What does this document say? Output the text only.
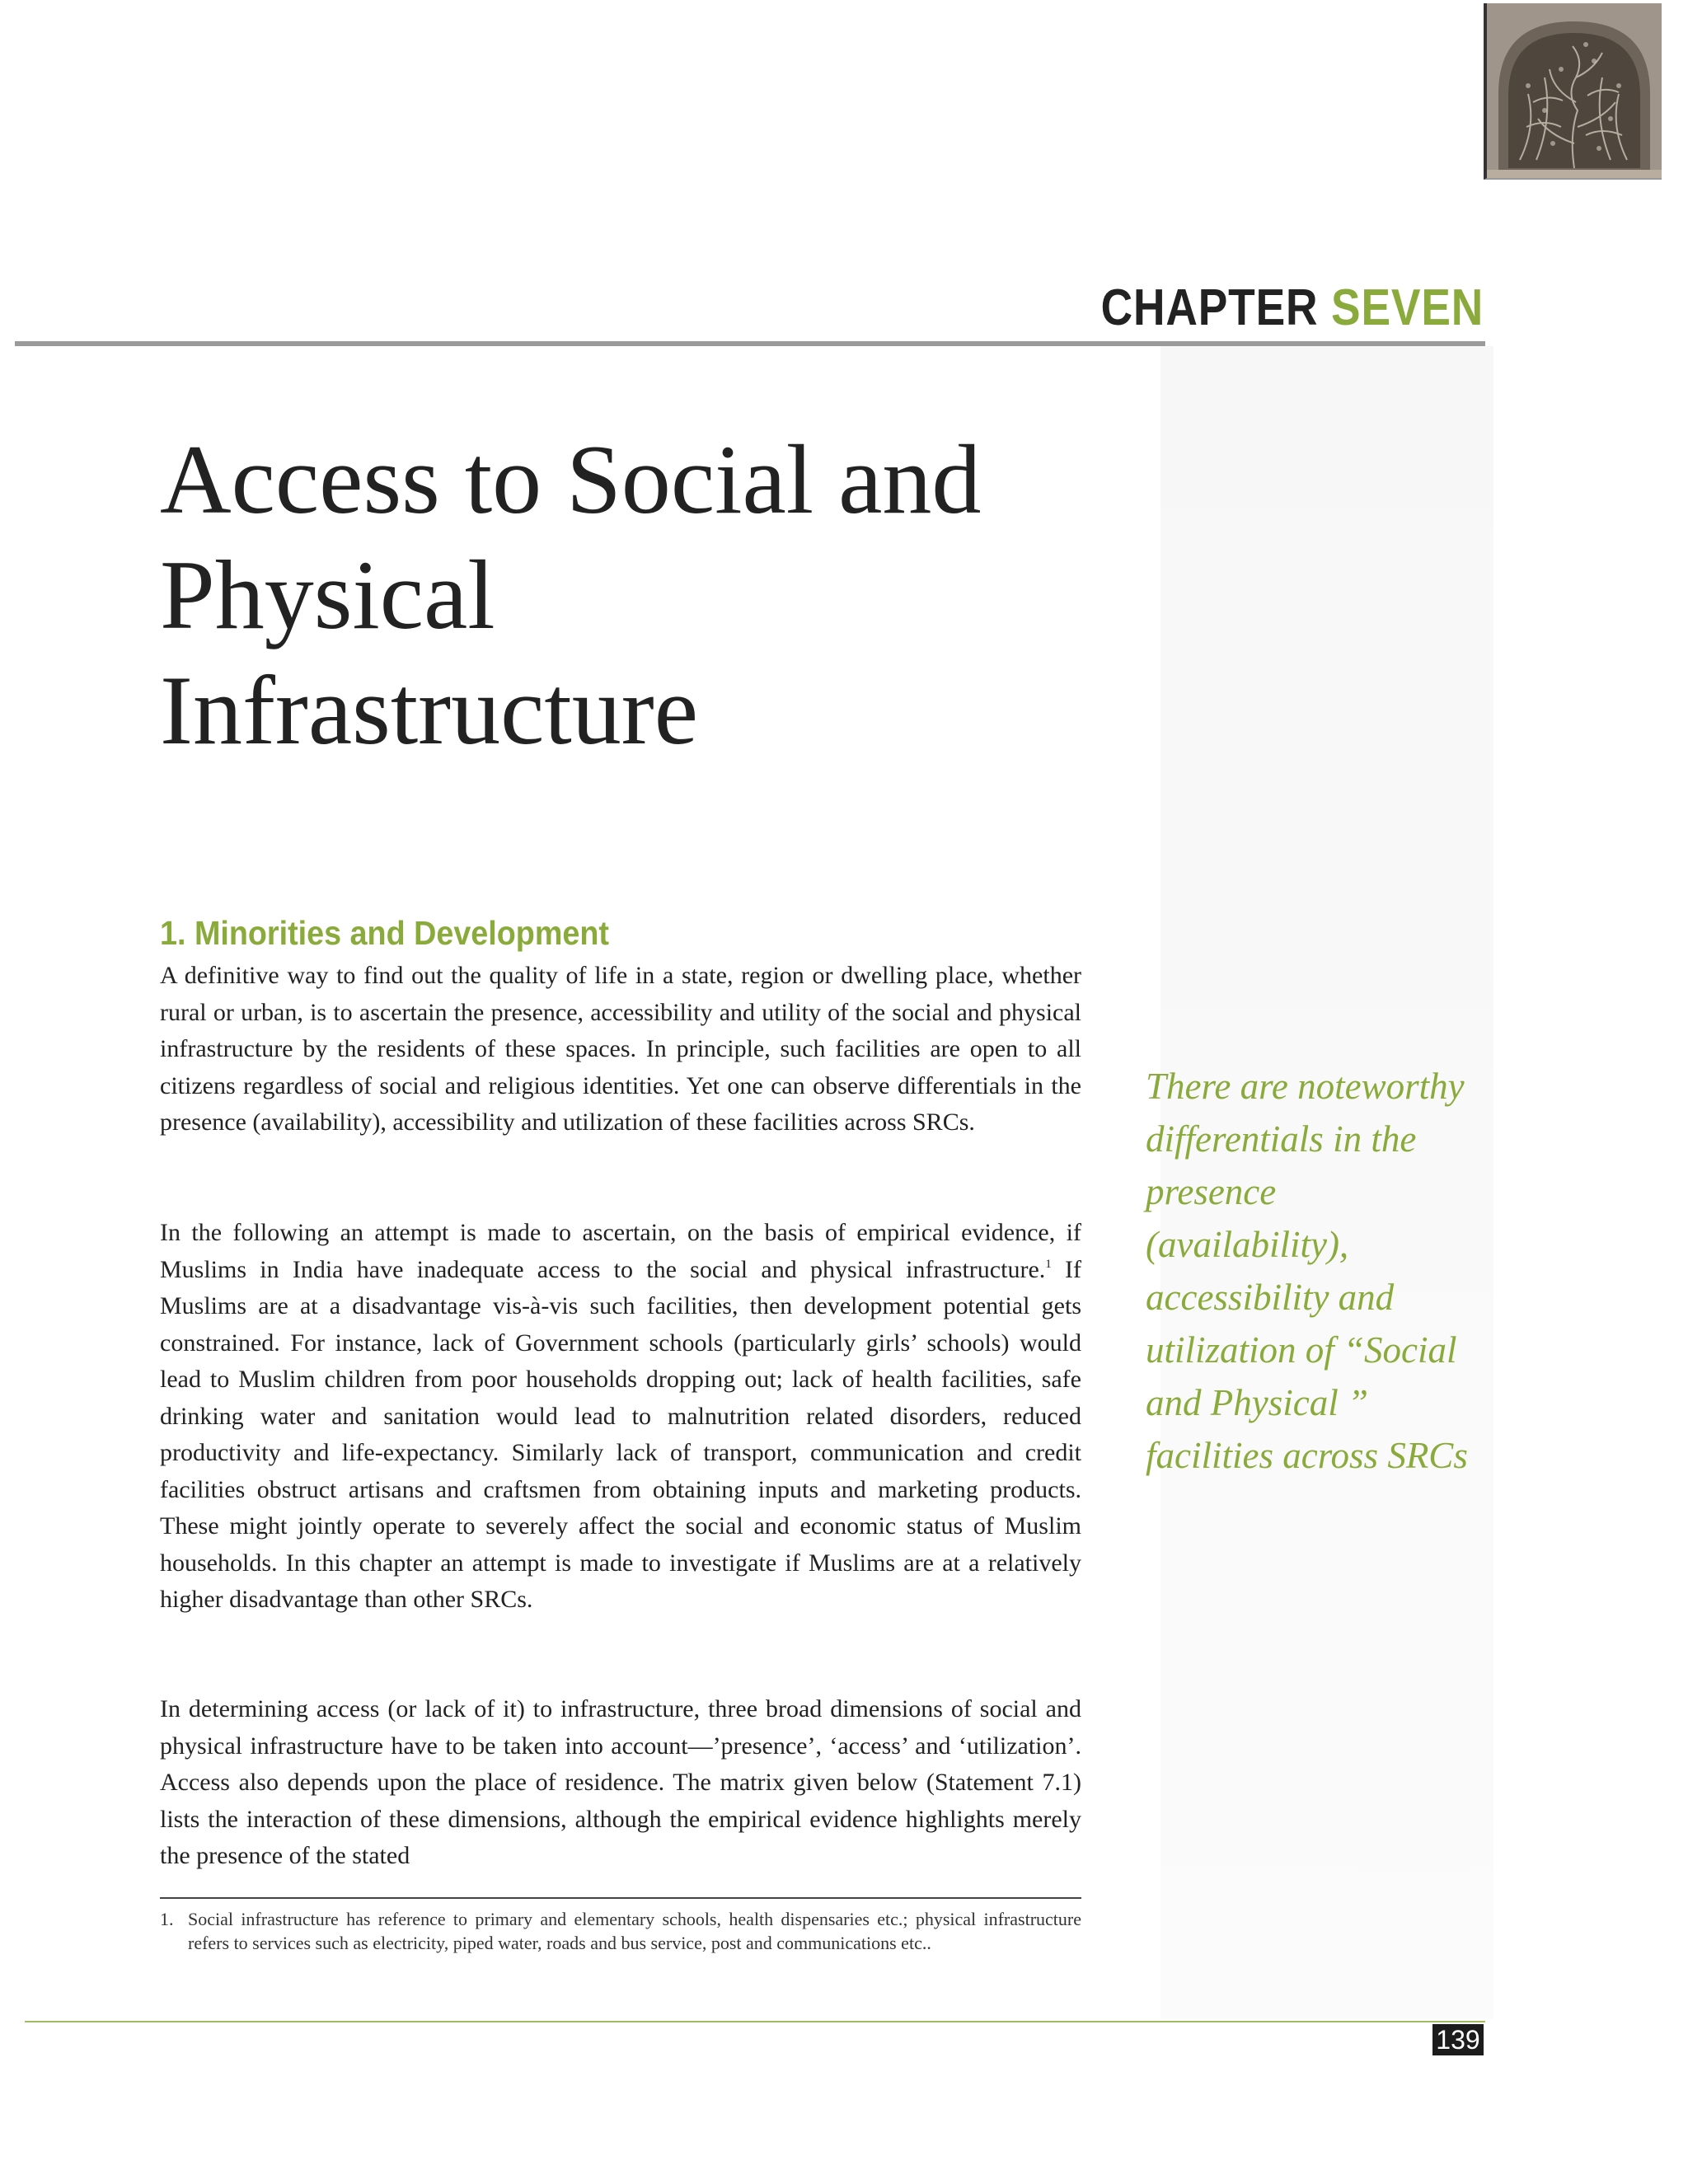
CHAPTER SEVEN
Access to Social and
Physical
Infrastructure
1. Minorities and Development

A definitive way to find out the quality of life in a state, region or dwelling place, whether rural or urban, is to ascertain the presence, accessibility and utility of the social and physical infrastructure by the residents of these spaces. In principle, such facilities are open to all citizens regardless of social and religious identities. Yet one can observe differentials in the presence (availability), accessibility and utilization of these facilities across SRCs.

In the following an attempt is made to ascertain, on the basis of empirical evidence, if Muslims in India have inadequate access to the social and physical infrastructure.$^1$ If Muslims are at a disadvantage vis-à-vis such facilities, then development potential gets constrained. For instance, lack of Government schools (particularly girls’ schools) would lead to Muslim children from poor households dropping out; lack of health facilities, safe drinking water and sanitation would lead to malnutrition related disorders, reduced productivity and life-expectancy. Similarly lack of transport, communication and credit facilities obstruct artisans and craftsmen from obtaining inputs and marketing products. These might jointly operate to severely affect the social and economic status of Muslim households. In this chapter an attempt is made to investigate if Muslims are at a relatively higher disadvantage than other SRCs.

In determining access (or lack of it) to infrastructure, three broad dimensions of social and physical infrastructure have to be taken into account—’presence’, ‘access’ and ‘utilization’. Access also depends upon the place of residence. The matrix given below (Statement 7.1) lists the interaction of these dimensions, although the empirical evidence highlights merely the presence of the stated

There are noteworthy differentials in the presence (availability), accessibility and utilization of “Social and Physical ” facilities across SRCs

1. Social infrastructure has reference to primary and elementary schools, health dispensaries etc.; physical infrastructure refers to services such as electricity, piped water, roads and bus service, post and communications etc..

139
